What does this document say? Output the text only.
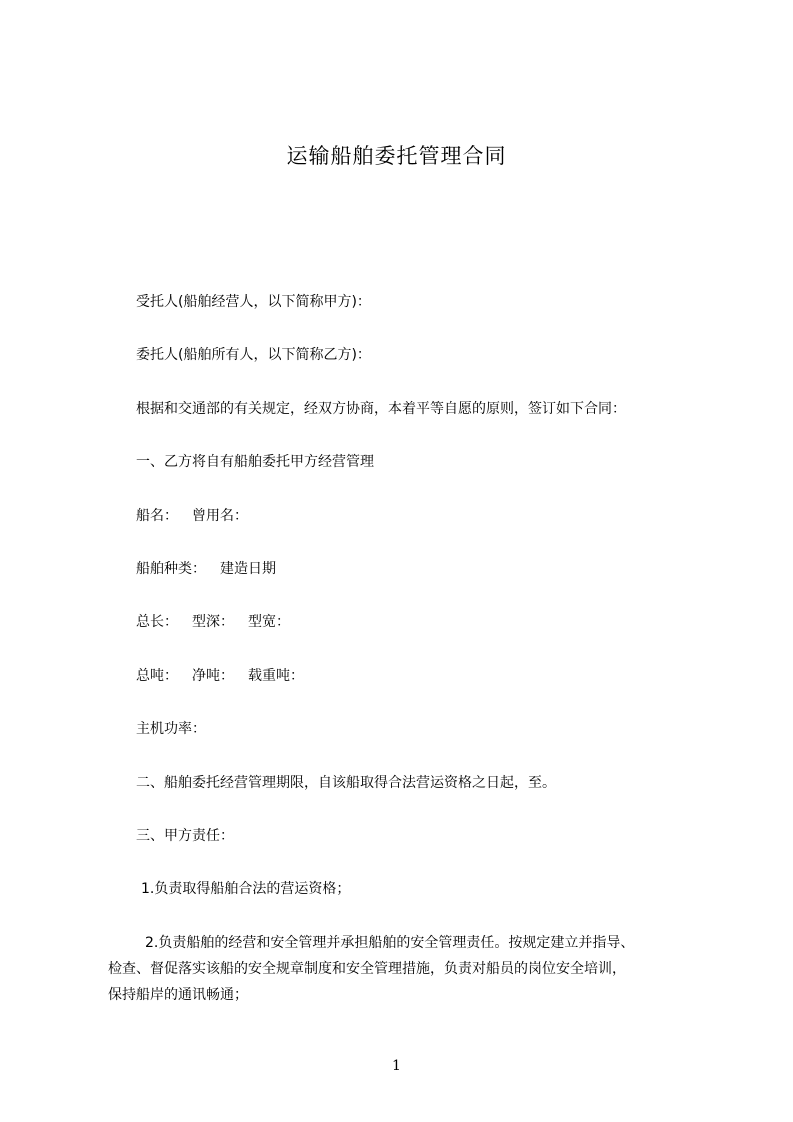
运输船舶委托管理合同
受托人(船舶经营人，以下简称甲方)：
委托人(船舶所有人，以下简称乙方)：
根据和交通部的有关规定，经双方协商，本着平等自愿的原则，签订如下合同：
一、乙方将自有船舶委托甲方经营管理
船名： 曾用名：
船舶种类： 建造日期
总长： 型深： 型宽：
总吨： 净吨： 载重吨：
主机功率：
二、船舶委托经营管理期限，自该船取得合法营运资格之日起，至。
三、甲方责任：
1.负责取得船舶合法的营运资格；
2.负责船舶的经营和安全管理并承担船舶的安全管理责任。按规定建立并指导、
检查、督促落实该船的安全规章制度和安全管理措施，负责对船员的岗位安全培训，
保持船岸的通讯畅通；
1
